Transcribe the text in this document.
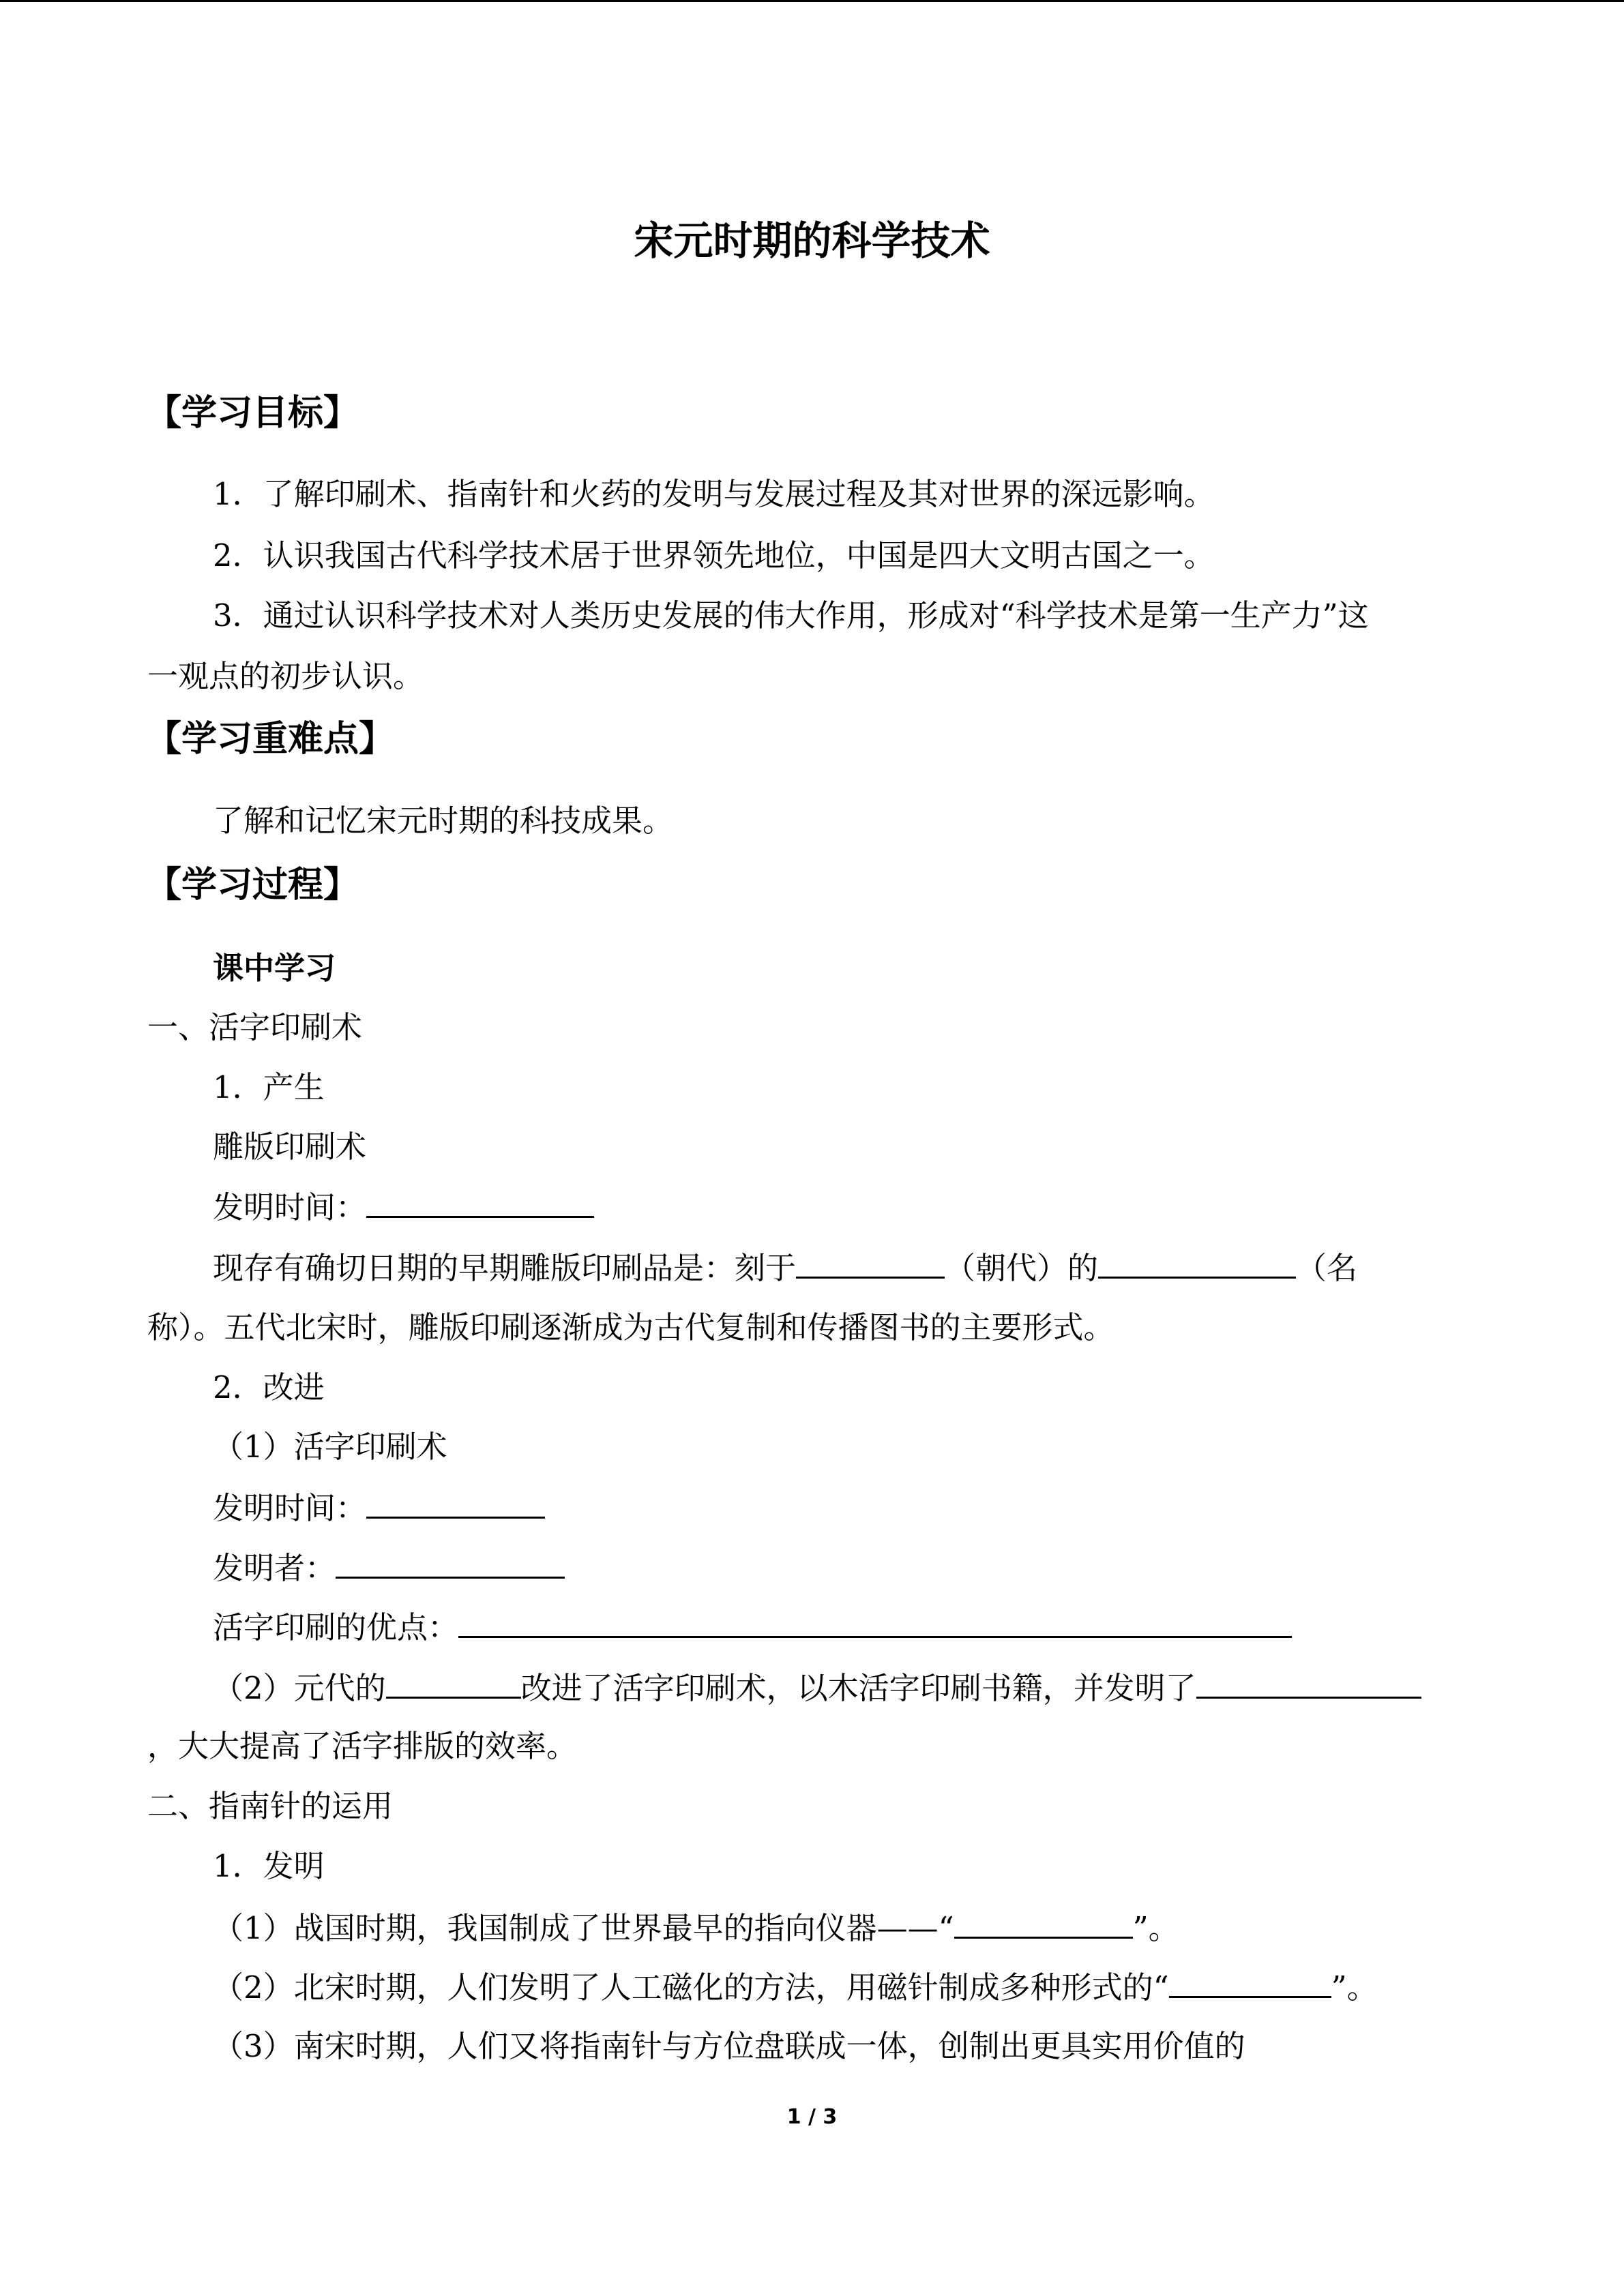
宋元时期的科学技术
【学习目标】
1．了解印刷术、指南针和火药的发明与发展过程及其对世界的深远影响。
2．认识我国古代科学技术居于世界领先地位，中国是四大文明古国之一。
3．通过认识科学技术对人类历史发展的伟大作用，形成对“科学技术是第一生产力”这
一观点的初步认识。
【学习重难点】
了解和记忆宋元时期的科技成果。
【学习过程】
课中学习
一、活字印刷术
1．产生
雕版印刷术
发明时间：
现存有确切日期的早期雕版印刷品是：刻于	（朝代）的	（名
称）。五代北宋时，雕版印刷逐渐成为古代复制和传播图书的主要形式。
2．改进
（1）活字印刷术
发明时间：
发明者：
活字印刷的优点：
（2）元代的	改进了活字印刷术，以木活字印刷书籍，并发明了
，大大提高了活字排版的效率。
二、指南针的运用
1．发明
（1）战国时期，我国制成了世界最早的指向仪器——“	”。
（2）北宋时期，人们发明了人工磁化的方法，用磁针制成多种形式的“	”。
（3）南宋时期，人们又将指南针与方位盘联成一体，创制出更具实用价值的
1 / 3
